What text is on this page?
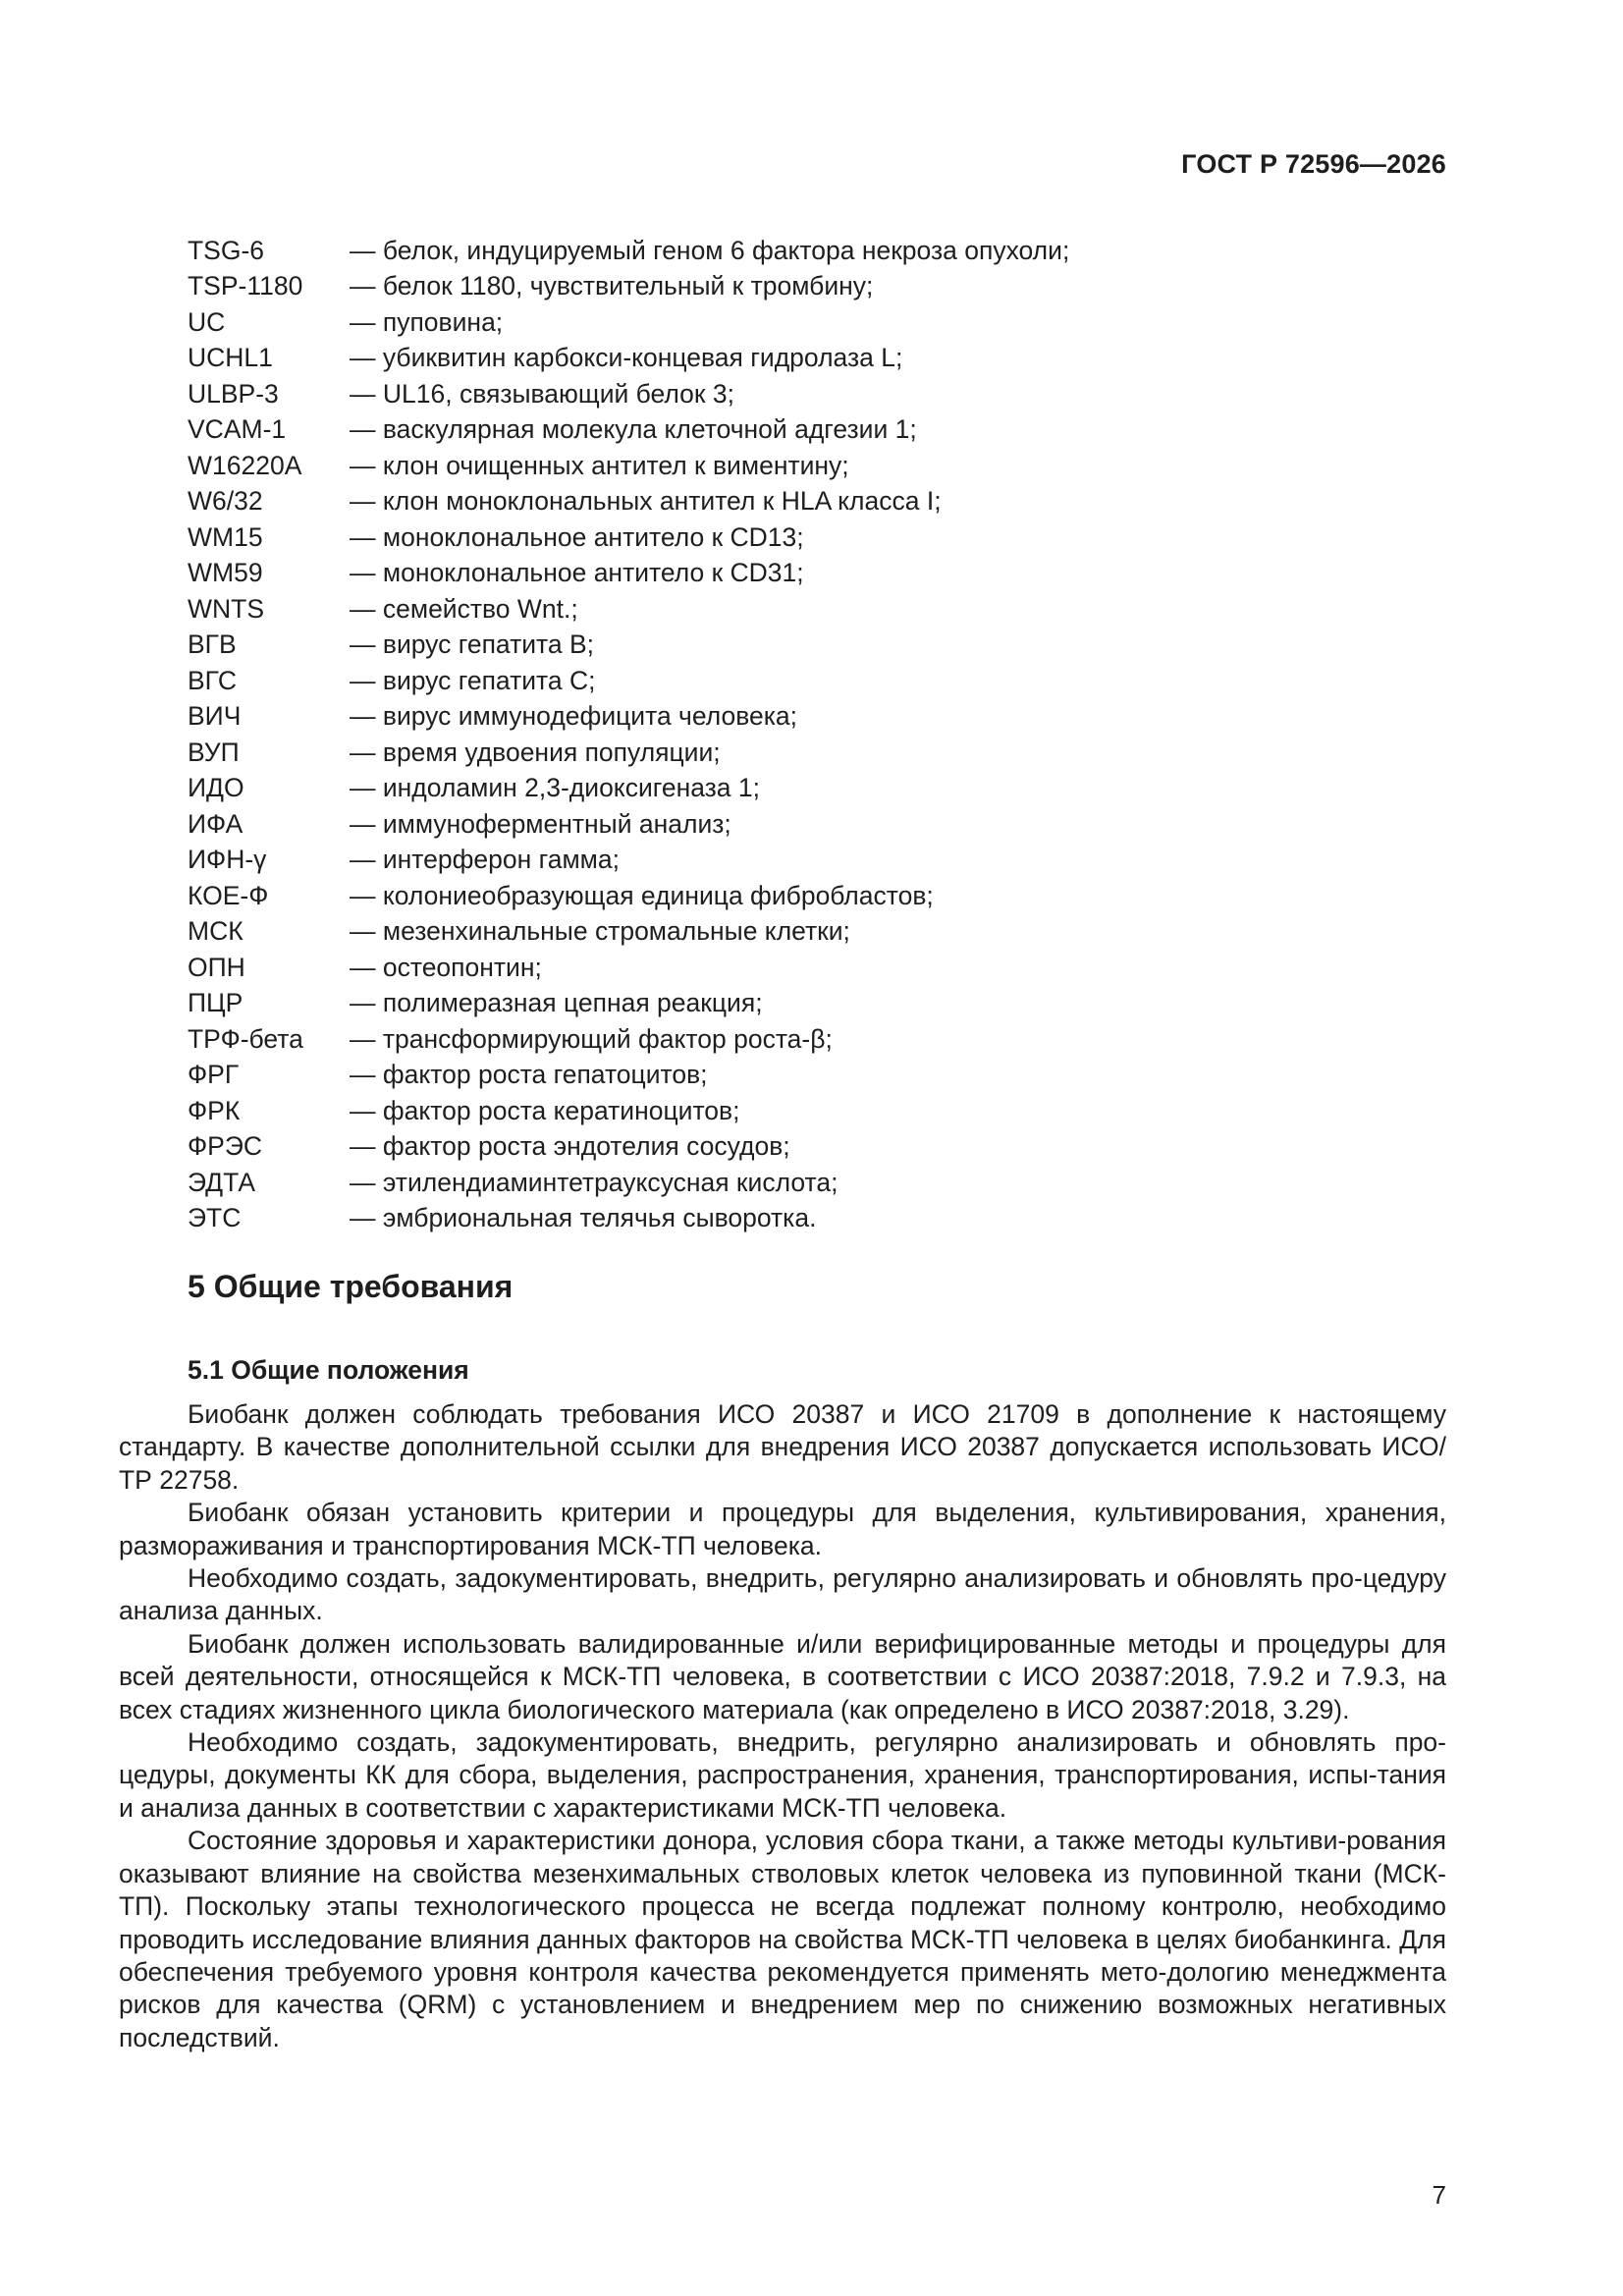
ГОСТ Р 72596—2026
TSG-6	— белок, индуцируемый геном 6 фактора некроза опухоли;
TSP-1180	— белок 1180, чувствительный к тромбину;
UC	— пуповина;
UCHL1	— убиквитин карбокси-концевая гидролаза L;
ULBP-3	— UL16, связывающий белок 3;
VCAM-1	— васкулярная молекула клеточной адгезии 1;
W16220A	— клон очищенных антител к виментину;
W6/32	— клон моноклональных антител к HLA класса I;
WM15	— моноклональное антитело к CD13;
WM59	— моноклональное антитело к CD31;
WNTS	— семейство Wnt.;
ВГВ	— вирус гепатита В;
ВГС	— вирус гепатита С;
ВИЧ	— вирус иммунодефицита человека;
ВУП	— время удвоения популяции;
ИДО	— индоламин 2,3-диоксигеназа 1;
ИФА	— иммуноферментный анализ;
ИФН-γ	— интерферон гамма;
КОЕ-Ф	— колониеобразующая единица фибробластов;
МСК	— мезенхинальные стромальные клетки;
ОПН	— остеопонтин;
ПЦР	— полимеразная цепная реакция;
ТРФ-бета	— трансформирующий фактор роста-β;
ФРГ	— фактор роста гепатоцитов;
ФРК	— фактор роста кератиноцитов;
ФРЭС	— фактор роста эндотелия сосудов;
ЭДТА	— этилендиаминтетрауксусная кислота;
ЭТС	— эмбриональная телячья сыворотка.
5 Общие требования
5.1 Общие положения

Биобанк должен соблюдать требования ИСО 20387 и ИСО 21709 в дополнение к настоящему стандарту. В качестве дополнительной ссылки для внедрения ИСО 20387 допускается использовать ИСО/ТР 22758.

Биобанк обязан установить критерии и процедуры для выделения, культивирования, хранения, размораживания и транспортирования МСК-ТП человека.

Необходимо создать, задокументировать, внедрить, регулярно анализировать и обновлять про-цедуру анализа данных.

Биобанк должен использовать валидированные и/или верифицированные методы и процедуры для всей деятельности, относящейся к МСК-ТП человека, в соответствии с ИСО 20387:2018, 7.9.2 и 7.9.3, на всех стадиях жизненного цикла биологического материала (как определено в ИСО 20387:2018, 3.29).

Необходимо создать, задокументировать, внедрить, регулярно анализировать и обновлять про-цедуры, документы КК для сбора, выделения, распространения, хранения, транспортирования, испы-тания и анализа данных в соответствии с характеристиками МСК-ТП человека.

Состояние здоровья и характеристики донора, условия сбора ткани, а также методы культиви-рования оказывают влияние на свойства мезенхимальных стволовых клеток человека из пуповинной ткани (МСК-ТП). Поскольку этапы технологического процесса не всегда подлежат полному контролю, необходимо проводить исследование влияния данных факторов на свойства МСК-ТП человека в целях биобанкинга. Для обеспечения требуемого уровня контроля качества рекомендуется применять мето-дологию менеджмента рисков для качества (QRM) с установлением и внедрением мер по снижению возможных негативных последствий.

7
